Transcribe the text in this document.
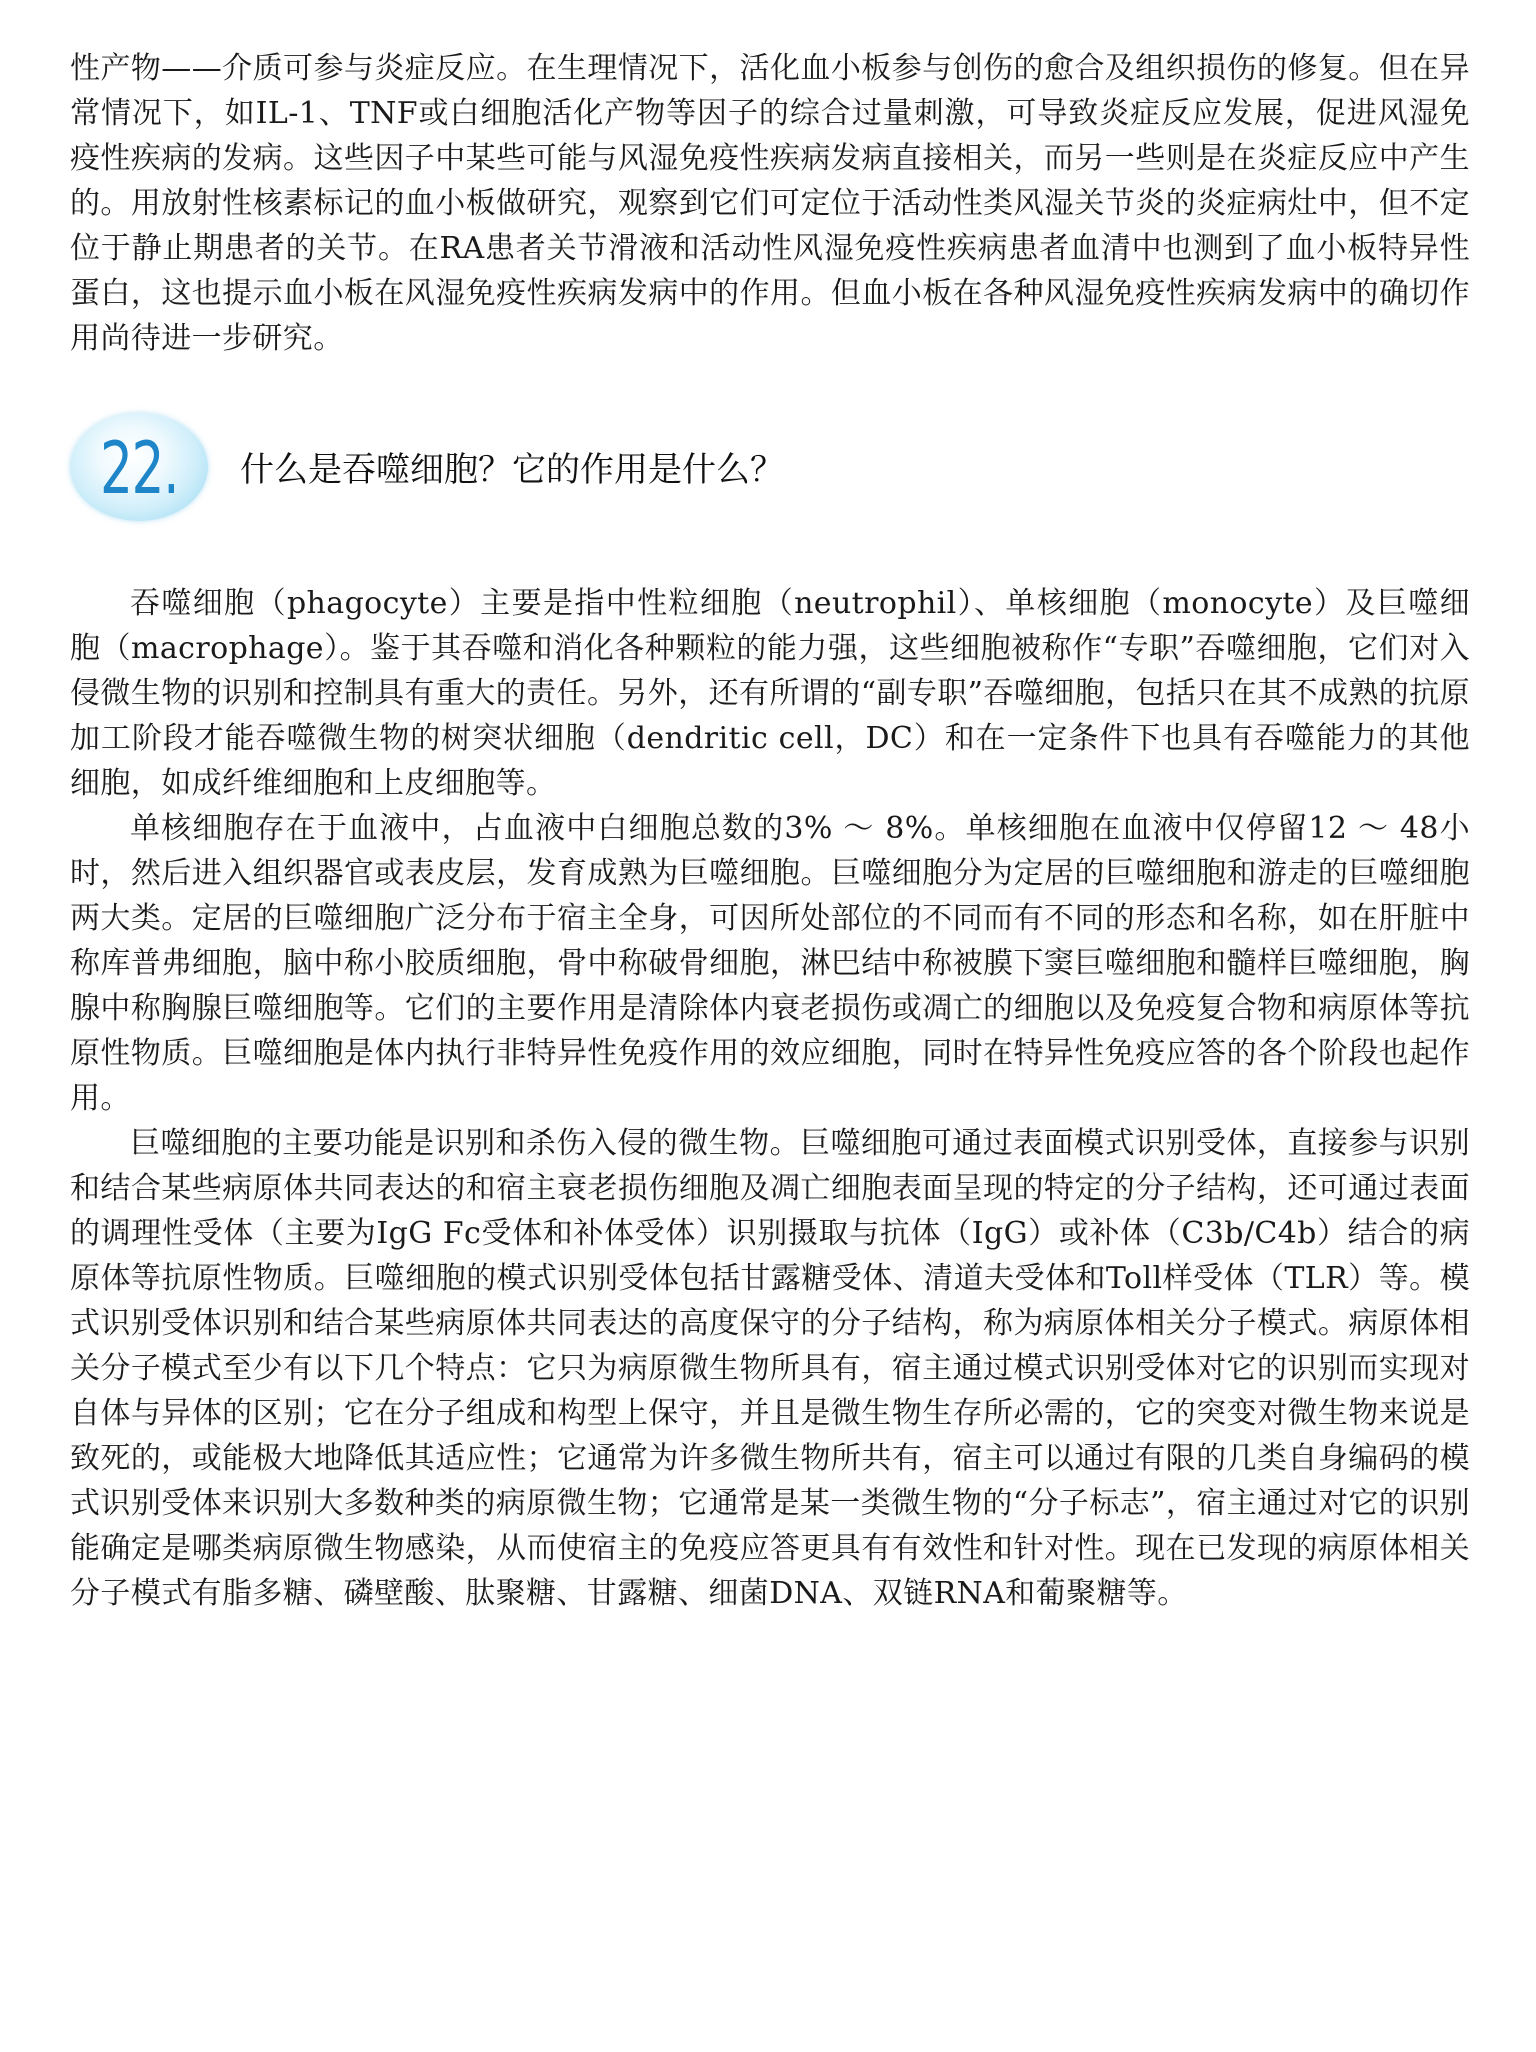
性产物——介质可参与炎症反应。在生理情况下，活化血小板参与创伤的愈合及组织损伤的修复。但在异常情况下，如IL-1、TNF或白细胞活化产物等因子的综合过量刺激，可导致炎症反应发展，促进风湿免疫性疾病的发病。这些因子中某些可能与风湿免疫性疾病发病直接相关，而另一些则是在炎症反应中产生的。用放射性核素标记的血小板做研究，观察到它们可定位于活动性类风湿关节炎的炎症病灶中，但不定位于静止期患者的关节。在RA患者关节滑液和活动性风湿免疫性疾病患者血清中也测到了血小板特异性蛋白，这也提示血小板在风湿免疫性疾病发病中的作用。但血小板在各种风湿免疫性疾病发病中的确切作用尚待进一步研究。

22. 什么是吞噬细胞？它的作用是什么？

吞噬细胞（phagocyte）主要是指中性粒细胞（neutrophil）、单核细胞（monocyte）及巨噬细胞（macrophage）。鉴于其吞噬和消化各种颗粒的能力强，这些细胞被称作“专职”吞噬细胞，它们对入侵微生物的识别和控制具有重大的责任。另外，还有所谓的“副专职”吞噬细胞，包括只在其不成熟的抗原加工阶段才能吞噬微生物的树突状细胞（dendritic cell，DC）和在一定条件下也具有吞噬能力的其他细胞，如成纤维细胞和上皮细胞等。

单核细胞存在于血液中，占血液中白细胞总数的3% ～ 8%。单核细胞在血液中仅停留12 ～ 48小时，然后进入组织器官或表皮层，发育成熟为巨噬细胞。巨噬细胞分为定居的巨噬细胞和游走的巨噬细胞两大类。定居的巨噬细胞广泛分布于宿主全身，可因所处部位的不同而有不同的形态和名称，如在肝脏中称库普弗细胞，脑中称小胶质细胞，骨中称破骨细胞，淋巴结中称被膜下窦巨噬细胞和髓样巨噬细胞，胸腺中称胸腺巨噬细胞等。它们的主要作用是清除体内衰老损伤或凋亡的细胞以及免疫复合物和病原体等抗原性物质。巨噬细胞是体内执行非特异性免疫作用的效应细胞，同时在特异性免疫应答的各个阶段也起作用。

巨噬细胞的主要功能是识别和杀伤入侵的微生物。巨噬细胞可通过表面模式识别受体，直接参与识别和结合某些病原体共同表达的和宿主衰老损伤细胞及凋亡细胞表面呈现的特定的分子结构，还可通过表面的调理性受体（主要为IgG Fc受体和补体受体）识别摄取与抗体（IgG）或补体（C3b/C4b）结合的病原体等抗原性物质。巨噬细胞的模式识别受体包括甘露糖受体、清道夫受体和Toll样受体（TLR）等。模式识别受体识别和结合某些病原体共同表达的高度保守的分子结构，称为病原体相关分子模式。病原体相关分子模式至少有以下几个特点：它只为病原微生物所具有，宿主通过模式识别受体对它的识别而实现对自体与异体的区别；它在分子组成和构型上保守，并且是微生物生存所必需的，它的突变对微生物来说是致死的，或能极大地降低其适应性；它通常为许多微生物所共有，宿主可以通过有限的几类自身编码的模式识别受体来识别大多数种类的病原微生物；它通常是某一类微生物的“分子标志”，宿主通过对它的识别能确定是哪类病原微生物感染，从而使宿主的免疫应答更具有有效性和针对性。现在已发现的病原体相关分子模式有脂多糖、磷壁酸、肽聚糖、甘露糖、细菌DNA、双链RNA和葡聚糖等。
